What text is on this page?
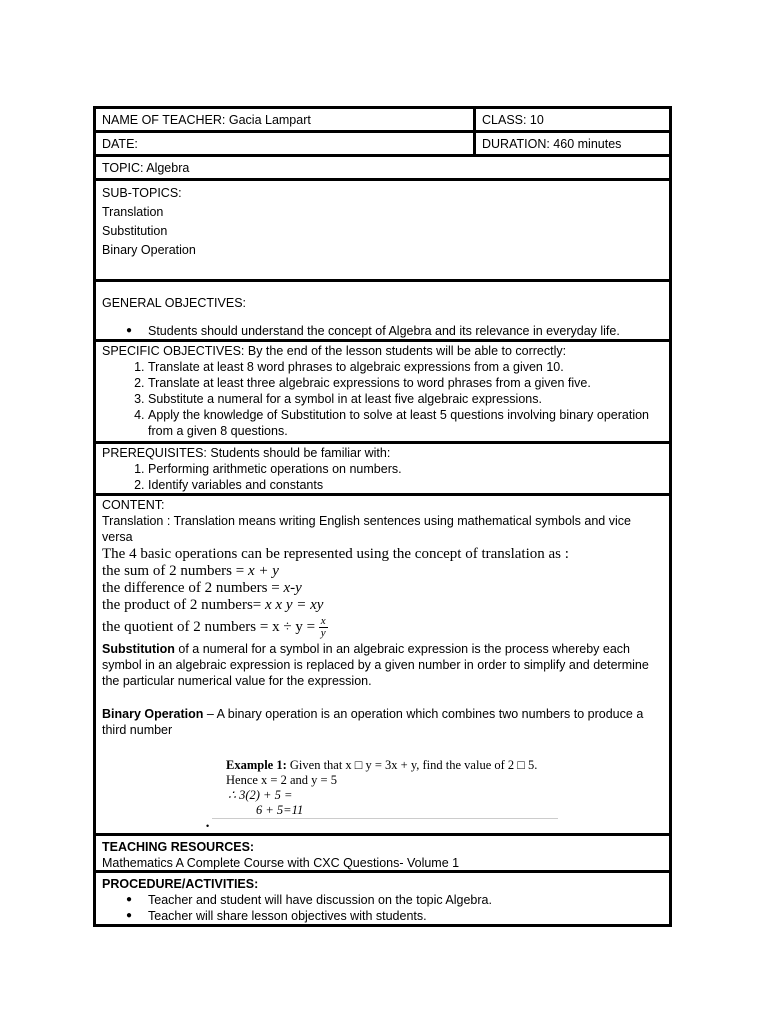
NAME OF TEACHER: Gacia Lampart	CLASS: 10
DATE:	DURATION: 460 minutes
TOPIC: Algebra
SUB-TOPICS:
Translation
Substitution
Binary Operation
GENERAL OBJECTIVES:
● Students should understand the concept of Algebra and its relevance in everyday life.
SPECIFIC OBJECTIVES: By the end of the lesson students will be able to correctly:
1. Translate at least 8 word phrases to algebraic expressions from a given 10.
2. Translate at least three algebraic expressions to word phrases from a given five.
3. Substitute a numeral for a symbol in at least five algebraic expressions.
4. Apply the knowledge of Substitution to solve at least 5 questions involving binary operation from a given 8 questions.
PREREQUISITES: Students should be familiar with:
1. Performing arithmetic operations on numbers.
2. Identify variables and constants
CONTENT:
Translation : Translation means writing English sentences using mathematical symbols and vice versa
The 4 basic operations can be represented using the concept of translation as :
the sum of 2 numbers = x + y
the difference of 2 numbers = x-y
the product of 2 numbers= x x y = xy
the quotient of 2 numbers = $x \div y = \frac{x}{y}$
Substitution of a numeral for a symbol in an algebraic expression is the process whereby each symbol in an algebraic expression is replaced by a given number in order to simplify and determine the particular numerical value for the expression.
Binary Operation – A binary operation is an operation which combines two numbers to produce a third number
Example 1: Given that x □ y = 3x + y, find the value of 2 □ 5.
Hence x = 2 and y = 5
∴ 3(2) + 5 =
6 + 5=11
•
TEACHING RESOURCES:
Mathematics A Complete Course with CXC Questions- Volume 1
PROCEDURE/ACTIVITIES:
● Teacher and student will have discussion on the topic Algebra.
● Teacher will share lesson objectives with students.
